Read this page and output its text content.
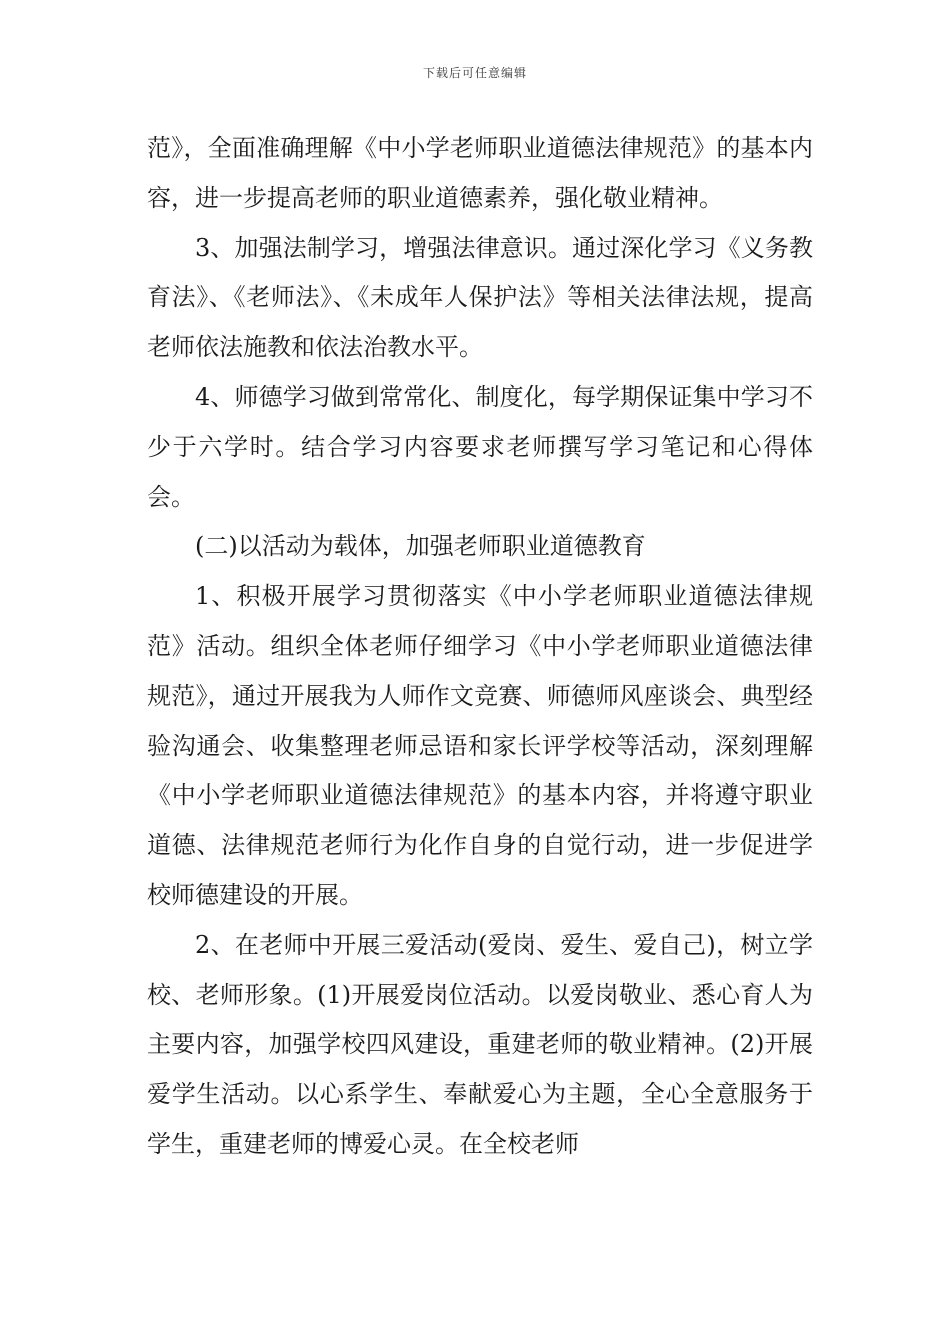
下载后可任意编辑

范》，全面准确理解《中小学老师职业道德法律规范》的基本内容，进一步提高老师的职业道德素养，强化敬业精神。

3、加强法制学习，增强法律意识。通过深化学习《义务教育法》、《老师法》、《未成年人保护法》等相关法律法规，提高老师依法施教和依法治教水平。

4、师德学习做到常常化、制度化，每学期保证集中学习不少于六学时。结合学习内容要求老师撰写学习笔记和心得体会。

(二)以活动为载体，加强老师职业道德教育

1、积极开展学习贯彻落实《中小学老师职业道德法律规范》活动。组织全体老师仔细学习《中小学老师职业道德法律规范》，通过开展我为人师作文竞赛、师德师风座谈会、典型经验沟通会、收集整理老师忌语和家长评学校等活动，深刻理解《中小学老师职业道德法律规范》的基本内容，并将遵守职业道德、法律规范老师行为化作自身的自觉行动，进一步促进学校师德建设的开展。

2、在老师中开展三爱活动(爱岗、爱生、爱自己)，树立学校、老师形象。(1)开展爱岗位活动。以爱岗敬业、悉心育人为主要内容，加强学校四风建设，重建老师的敬业精神。(2)开展爱学生活动。以心系学生、奉献爱心为主题，全心全意服务于学生，重建老师的博爱心灵。在全校老师
